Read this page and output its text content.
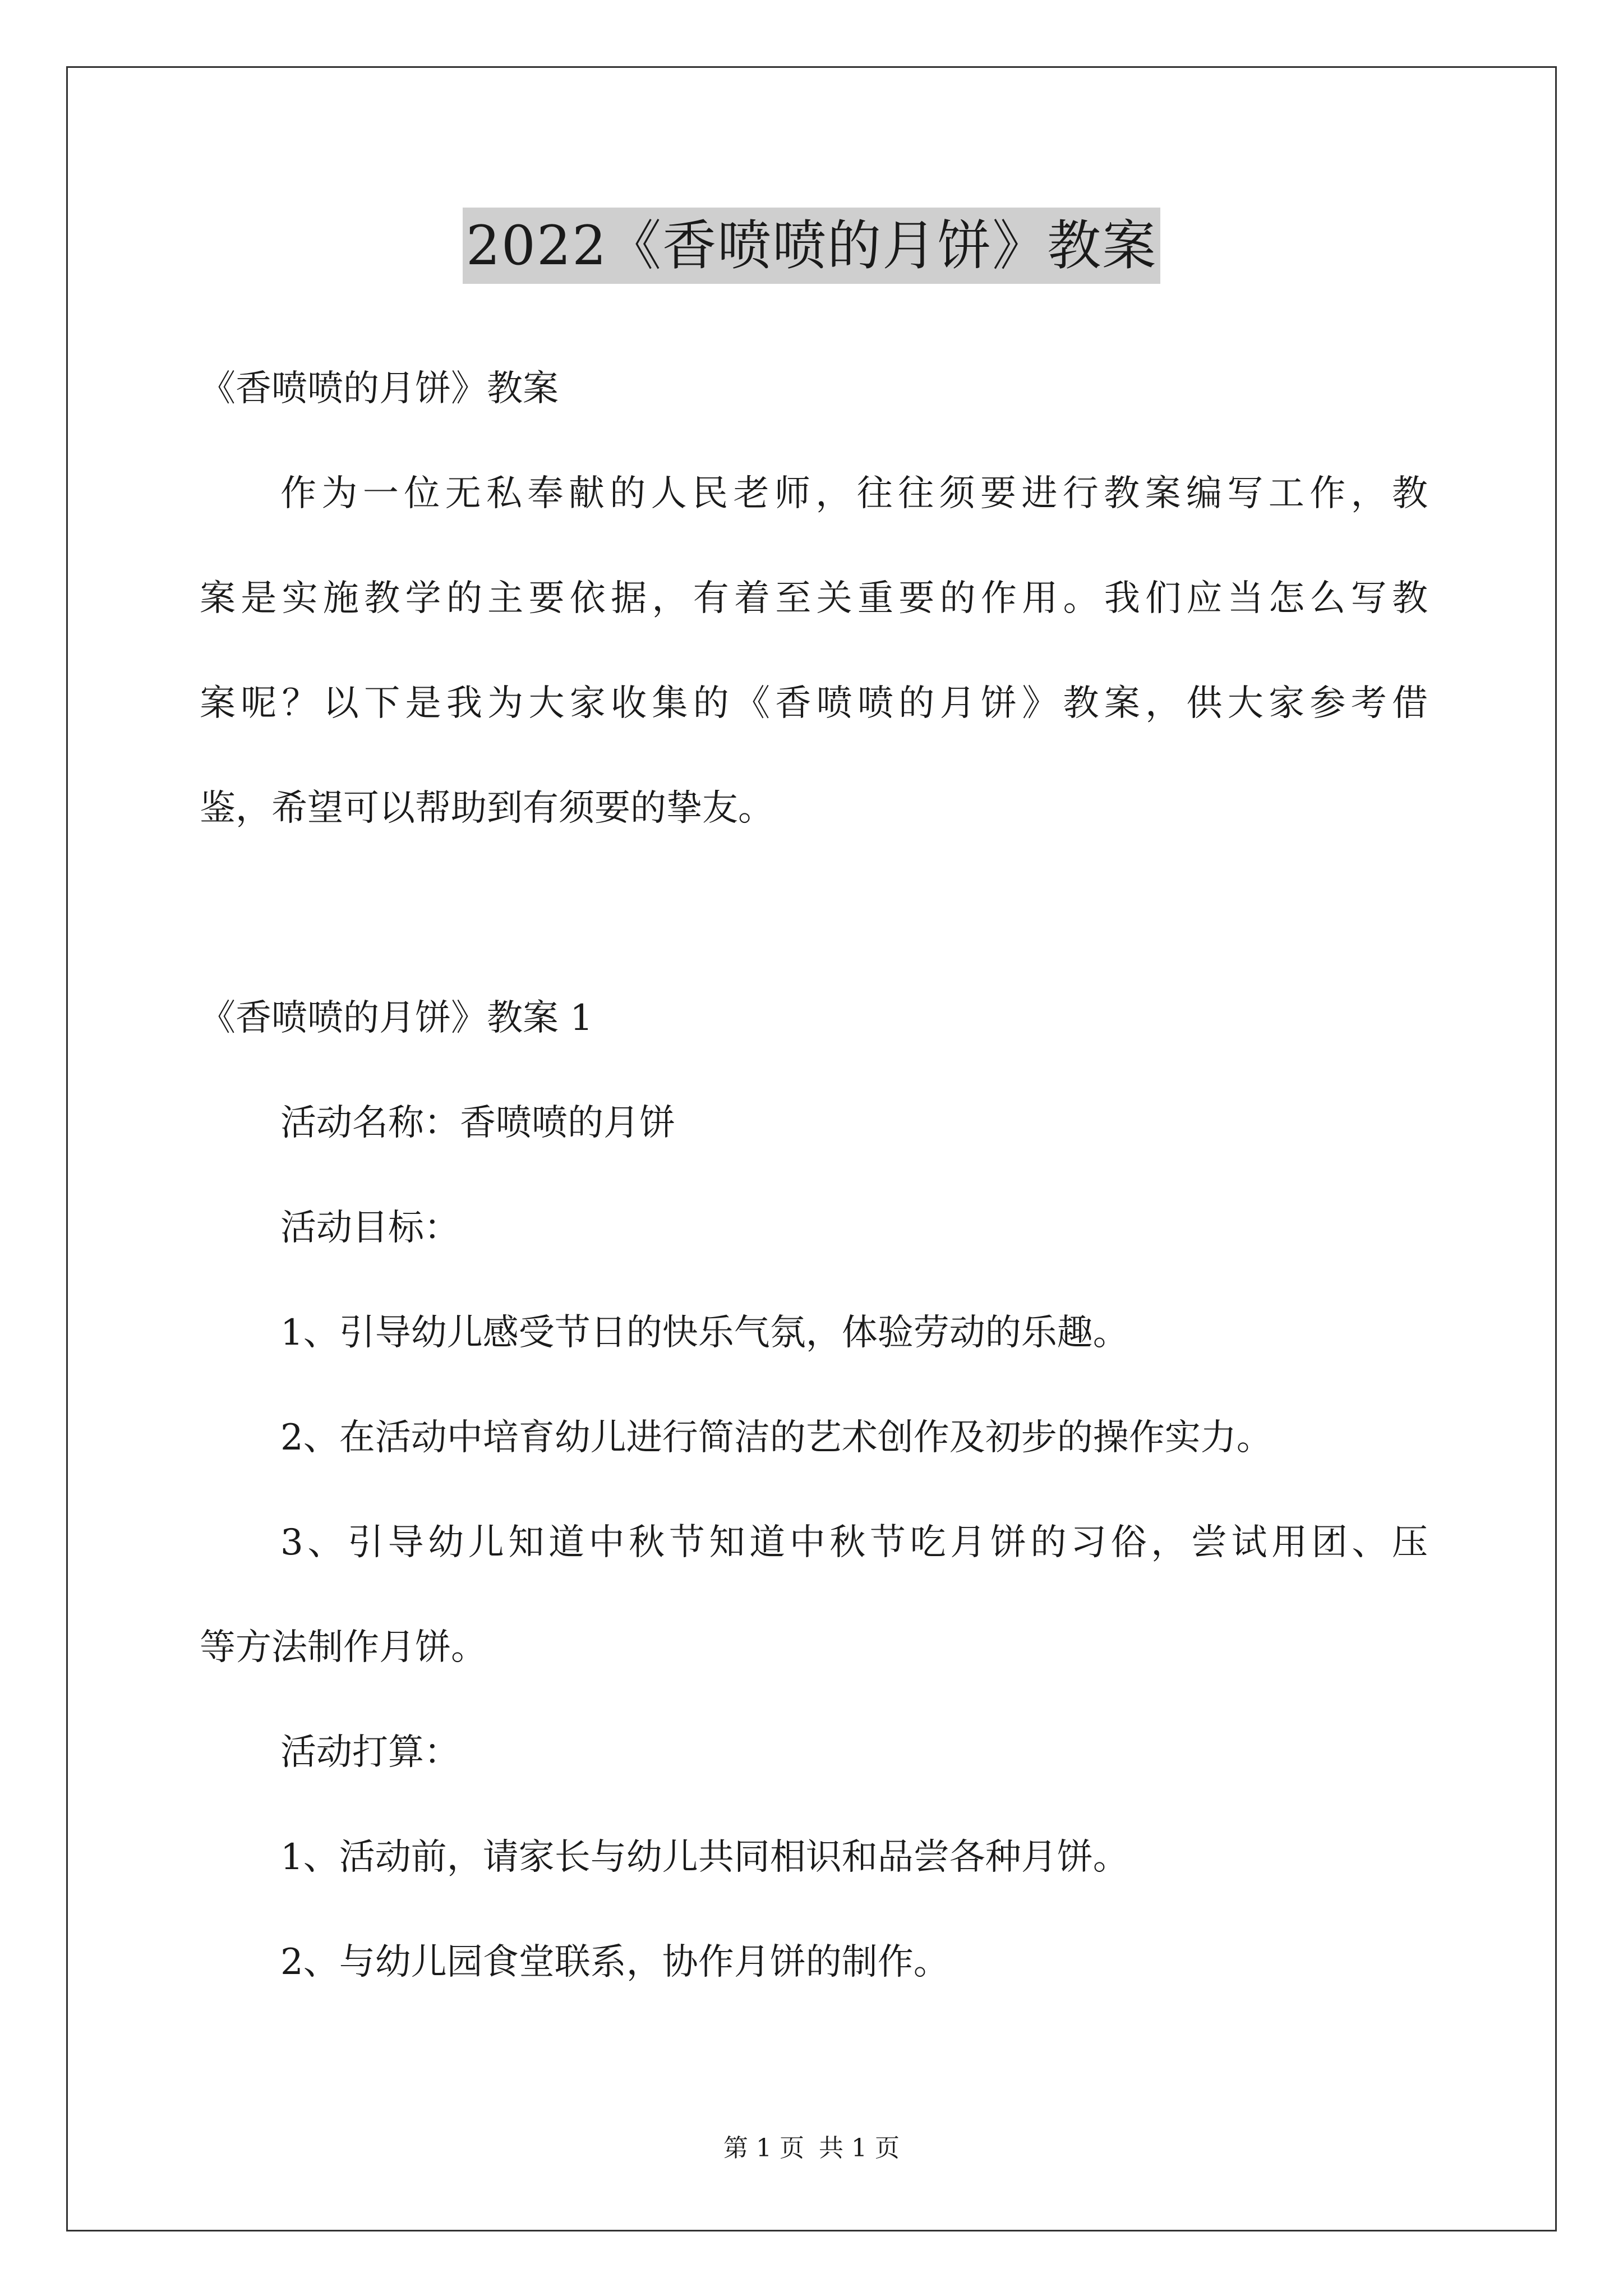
2022《香喷喷的月饼》教案

《香喷喷的月饼》教案

作为一位无私奉献的人民老师，往往须要进行教案编写工作，教

案是实施教学的主要依据，有着至关重要的作用。我们应当怎么写教

案呢？以下是我为大家收集的《香喷喷的月饼》教案，供大家参考借

鉴，希望可以帮助到有须要的挚友。

《香喷喷的月饼》教案 1

活动名称：香喷喷的月饼

活动目标：

1、引导幼儿感受节日的快乐气氛，体验劳动的乐趣。

2、在活动中培育幼儿进行简洁的艺术创作及初步的操作实力。

3、引导幼儿知道中秋节知道中秋节吃月饼的习俗，尝试用团、压

等方法制作月饼。

活动打算：

1、活动前，请家长与幼儿共同相识和品尝各种月饼。

2、与幼儿园食堂联系，协作月饼的制作。

第 1 页 共 1 页
